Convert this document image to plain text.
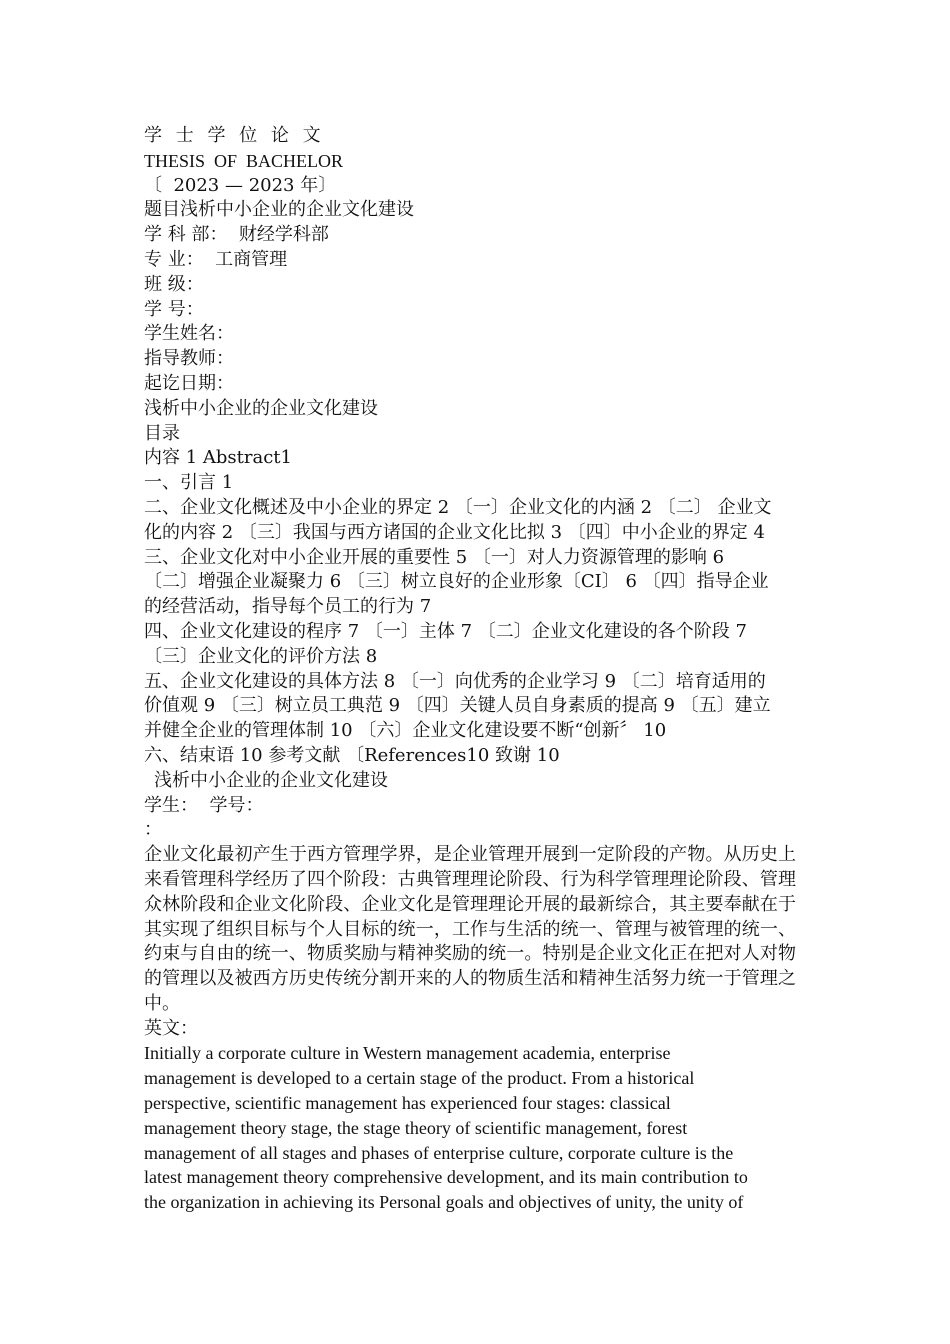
学 士 学 位 论 文
THESIS  OF  BACHELOR
〔  2023 — 2023 年〕
题目浅析中小企业的企业文化建设
学 科 部：  财经学科部
专 业：  工商管理
班 级：
学 号：
学生姓名：
指导教师：
起讫日期：
浅析中小企业的企业文化建设
目录
内容 1 Abstract1
一、引言 1
二、企业文化概述及中小企业的界定 2 〔一〕企业文化的内涵 2 〔二〕 企业文
化的内容 2 〔三〕我国与西方诸国的企业文化比拟 3 〔四〕中小企业的界定 4
三、企业文化对中小企业开展的重要性 5 〔一〕对人力资源管理的影响 6
〔二〕增强企业凝聚力 6 〔三〕树立良好的企业形象〔CI〕 6 〔四〕指导企业
的经营活动，指导每个员工的行为 7
四、企业文化建设的程序 7 〔一〕主体 7 〔二〕企业文化建设的各个阶段 7
〔三〕企业文化的评价方法 8
五、企业文化建设的具体方法 8 〔一〕向优秀的企业学习 9 〔二〕培育适用的
价值观 9 〔三〕树立员工典范 9 〔四〕关键人员自身素质的提高 9 〔五〕建立
并健全企业的管理体制 10 〔六〕企业文化建设要不断“创新〞 10
六、结束语 10 参考文献 〔References10 致谢 10
浅析中小企业的企业文化建设
学生：  学号：
：
企业文化最初产生于西方管理学界，是企业管理开展到一定阶段的产物。从历史上来看管理科学经历了四个阶段：古典管理理论阶段、行为科学管理理论阶段、管理众林阶段和企业文化阶段、企业文化是管理理论开展的最新综合，其主要奉献在于其实现了组织目标与个人目标的统一，工作与生活的统一、管理与被管理的统一、约束与自由的统一、物质奖励与精神奖励的统一。特别是企业文化正在把对人对物的管理以及被西方历史传统分割开来的人的物质生活和精神生活努力统一于管理之中。
英文：
Initially a corporate culture in Western management academia, enterprise
management is developed to a certain stage of the product. From a historical
perspective, scientific management has experienced four stages: classical
management theory stage, the stage theory of scientific management, forest
management of all stages and phases of enterprise culture, corporate culture is the
latest management theory comprehensive development, and its main contribution to
the organization in achieving its Personal goals and objectives of unity, the unity of
